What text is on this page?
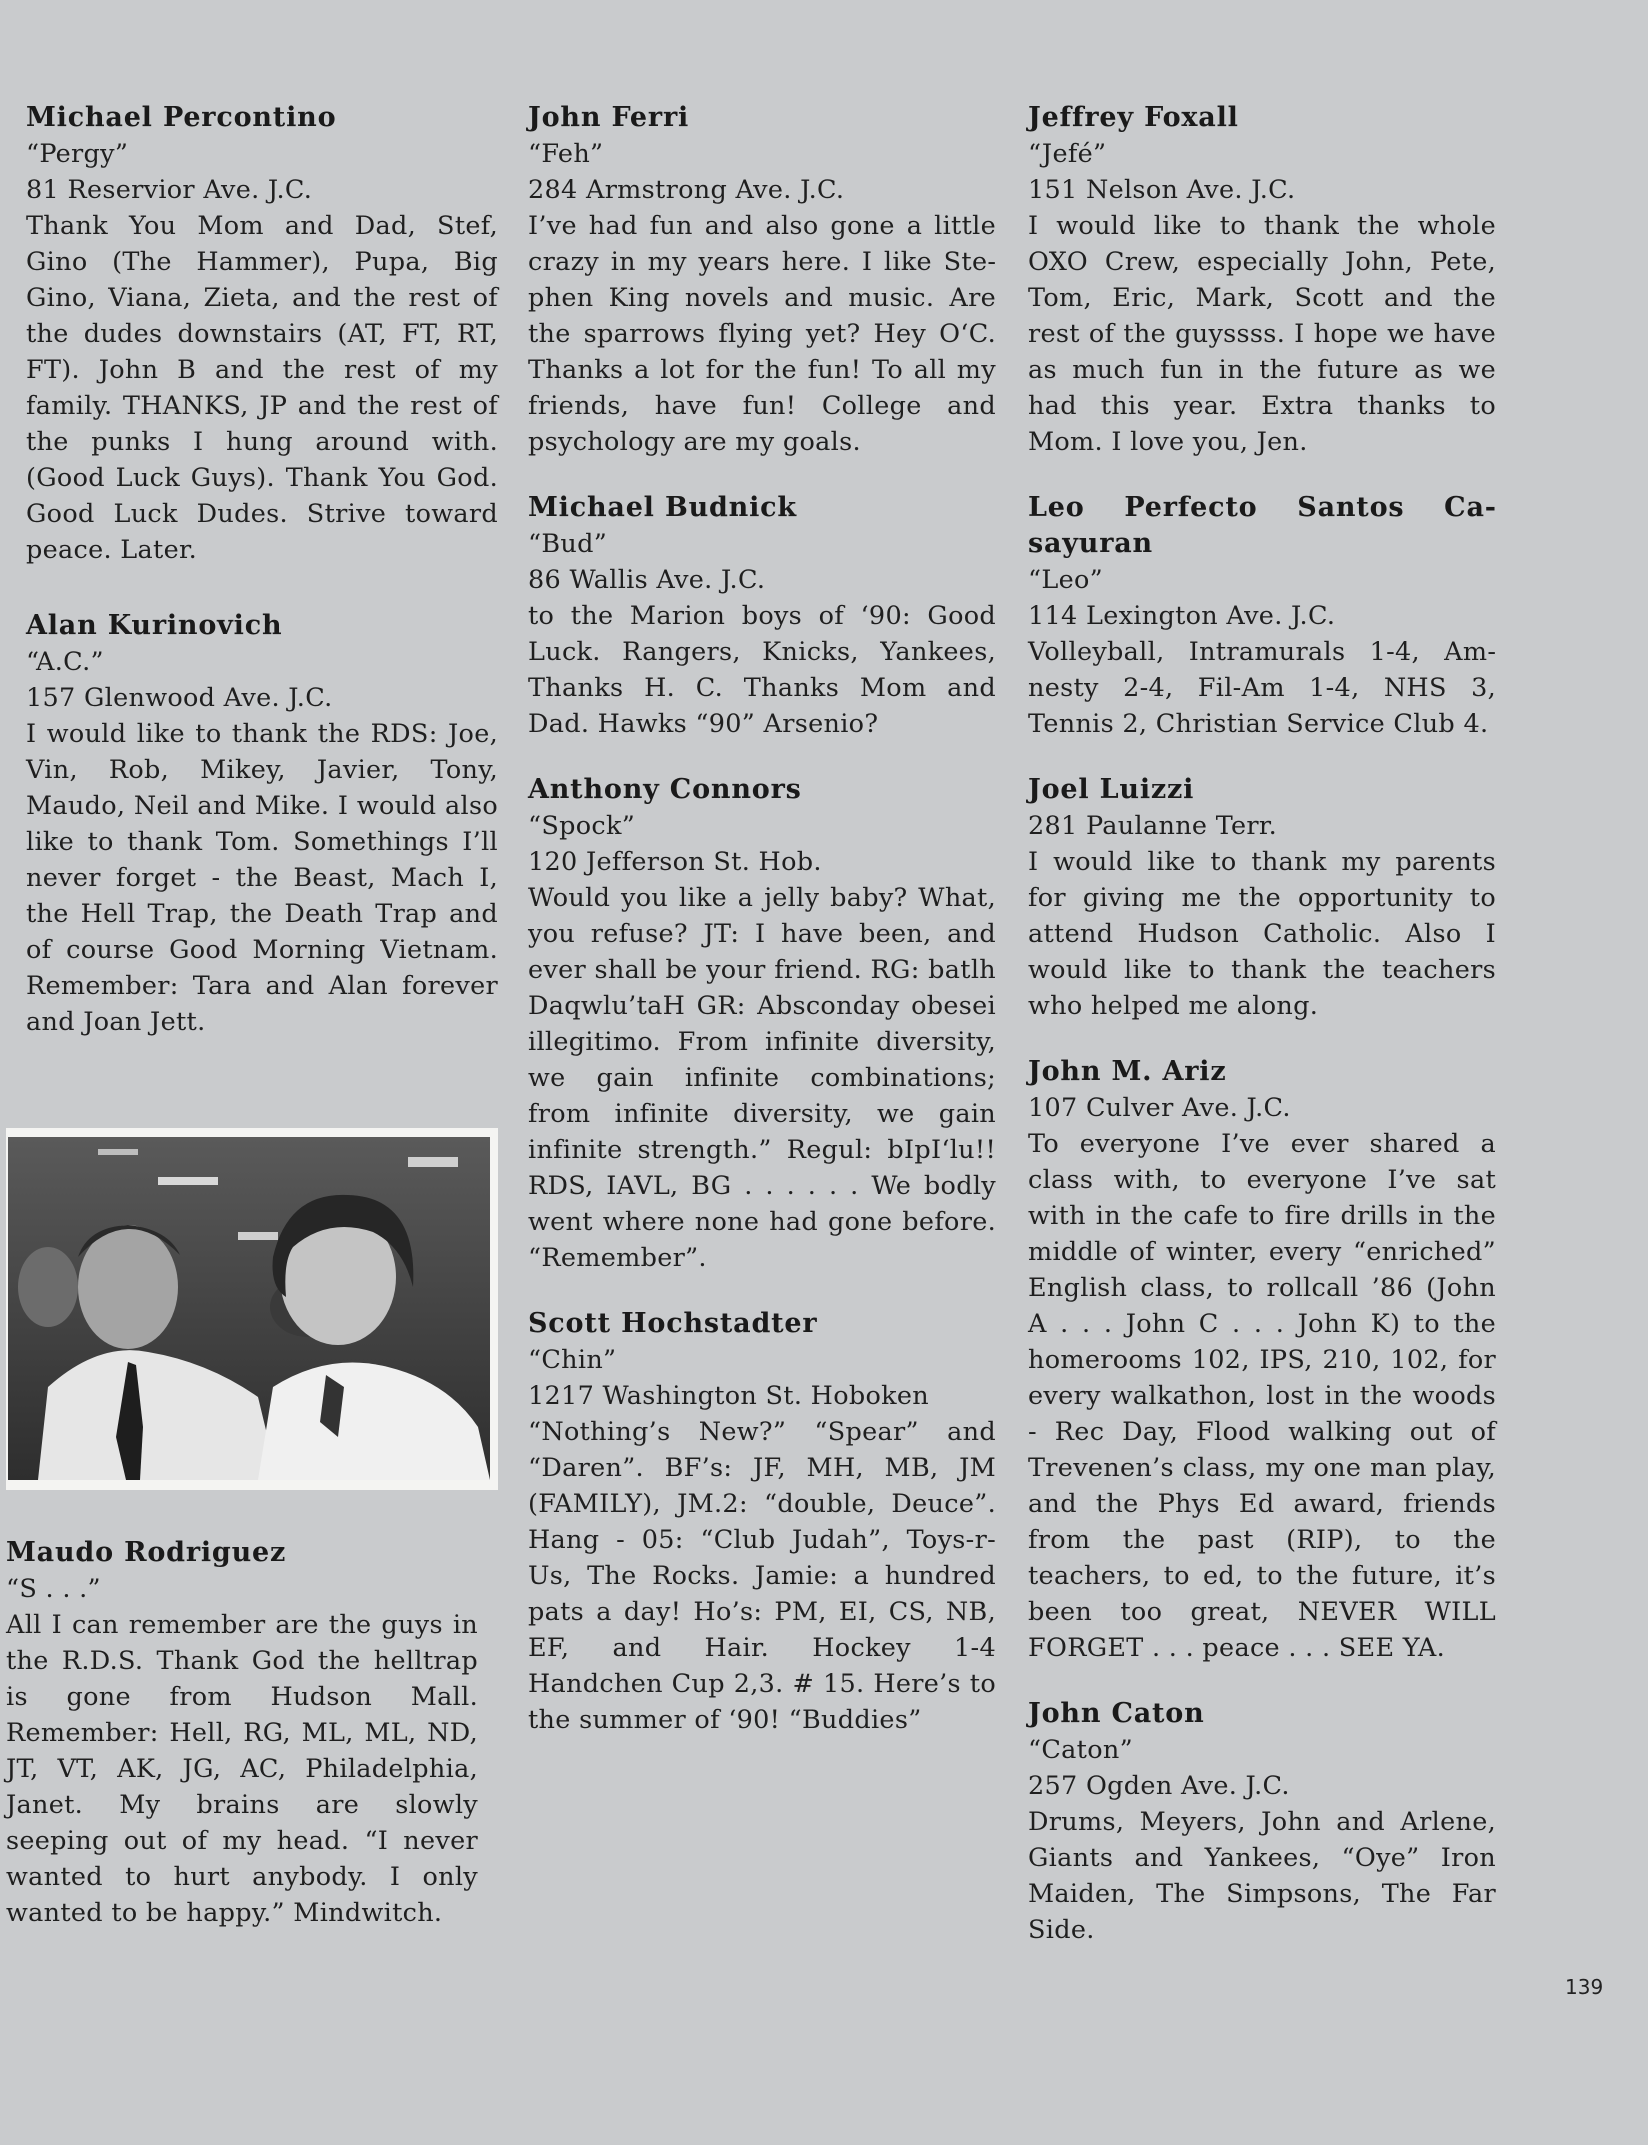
Michael Percontino
“Pergy”
81 Reservior Ave. J.C.
Thank You Mom and Dad, Stef, Gino (The Hammer), Pupa, Big Gino, Viana, Zieta, and the rest of the dudes downstairs (AT, FT, RT, FT). John B and the rest of my family. THANKS, JP and the rest of the punks I hung around with. (Good Luck Guys). Thank You God. Good Luck Dudes. Strive toward peace. Later.
Alan Kurinovich
“A.C.”
157 Glenwood Ave. J.C.
I would like to thank the RDS: Joe, Vin, Rob, Mikey, Javier, Tony, Maudo, Neil and Mike. I would also like to thank Tom. Somethings I’ll never forget - the Beast, Mach I, the Hell Trap, the Death Trap and of course Good Morning Vietnam. Remember: Tara and Alan forever and Joan Jett.
Maudo Rodriguez
“S . . .”
All I can remember are the guys in the R.D.S. Thank God the helltrap is gone from Hudson Mall. Remember: Hell, RG, ML, ML, ND, JT, VT, AK, JG, AC, Philadelphia, Janet. My brains are slowly seeping out of my head. “I never wanted to hurt anybody. I only wanted to be happy.” Mindwitch.
John Ferri
“Feh”
284 Armstrong Ave. J.C.
I’ve had fun and also gone a little crazy in my years here. I like Stephen King novels and music. Are the sparrows flying yet? Hey O‘C. Thanks a lot for the fun! To all my friends, have fun! College and psychology are my goals.
Michael Budnick
“Bud”
86 Wallis Ave. J.C.
to the Marion boys of ‘90: Good Luck. Rangers, Knicks, Yankees, Thanks H. C. Thanks Mom and Dad. Hawks “90” Arsenio?
Anthony Connors
“Spock”
120 Jefferson St. Hob.
Would you like a jelly baby? What, you refuse? JT: I have been, and ever shall be your friend. RG: batlh Daqwlu’taH GR: Absconday obesei illegitimo. From infinite diversity, we gain infinite combinations; from infinite diversity, we gain infinite strength.” Regul: bIpI‘lu!! RDS, IAVL, BG . . . . . . We bodly went where none had gone before. “Remember”.
Scott Hochstadter
“Chin”
1217 Washington St. Hoboken
“Nothing’s New?” “Spear” and “Daren”. BF’s: JF, MH, MB, JM (FAMILY), JM.2: “double, Deuce”. Hang - 05: “Club Judah”, Toys-r-Us, The Rocks. Jamie: a hundred pats a day! Ho’s: PM, EI, CS, NB, EF, and Hair. Hockey 1-4 Handchen Cup 2,3. # 15. Here’s to the summer of ‘90! “Buddies”
Jeffrey Foxall
“Jefé”
151 Nelson Ave. J.C.
I would like to thank the whole OXO Crew, especially John, Pete, Tom, Eric, Mark, Scott and the rest of the guyssss. I hope we have as much fun in the future as we had this year. Extra thanks to Mom. I love you, Jen.
Leo Perfecto Santos Casayuran
“Leo”
114 Lexington Ave. J.C.
Volleyball, Intramurals 1-4, Amnesty 2-4, Fil-Am 1-4, NHS 3, Tennis 2, Christian Service Club 4.
Joel Luizzi
281 Paulanne Terr.
I would like to thank my parents for giving me the opportunity to attend Hudson Catholic. Also I would like to thank the teachers who helped me along.
John M. Ariz
107 Culver Ave. J.C.
To everyone I’ve ever shared a class with, to everyone I’ve sat with in the cafe to fire drills in the middle of winter, every “enriched” English class, to rollcall ’86 (John A . . . John C . . . John K) to the homerooms 102, IPS, 210, 102, for every walkathon, lost in the woods - Rec Day, Flood walking out of Trevenen’s class, my one man play, and the Phys Ed award, friends from the past (RIP), to the teachers, to ed, to the future, it’s been too great, NEVER WILL FORGET . . . peace . . . SEE YA.
John Caton
“Caton”
257 Ogden Ave. J.C.
Drums, Meyers, John and Arlene, Giants and Yankees, “Oye” Iron Maiden, The Simpsons, The Far Side.
139
